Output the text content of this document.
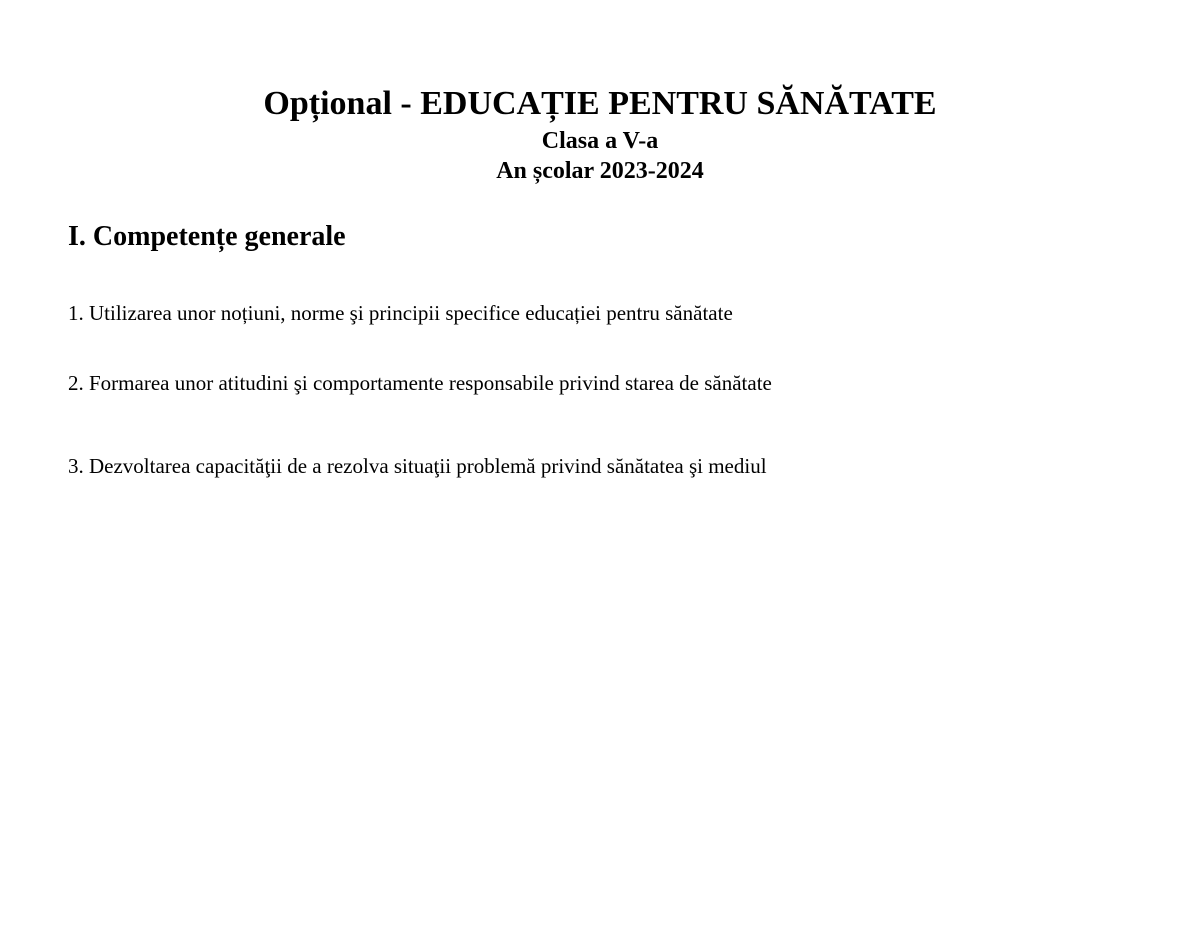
Opțional - EDUCAȚIE PENTRU SĂNĂTATE

Clasa a V-a

An școlar 2023-2024

I. Competențe generale

1. Utilizarea unor noțiuni, norme şi principii specifice educației pentru sănătate

2. Formarea unor atitudini şi comportamente responsabile privind starea de sănătate

3. Dezvoltarea capacităţii de a rezolva situaţii problemă privind sănătatea şi mediul
